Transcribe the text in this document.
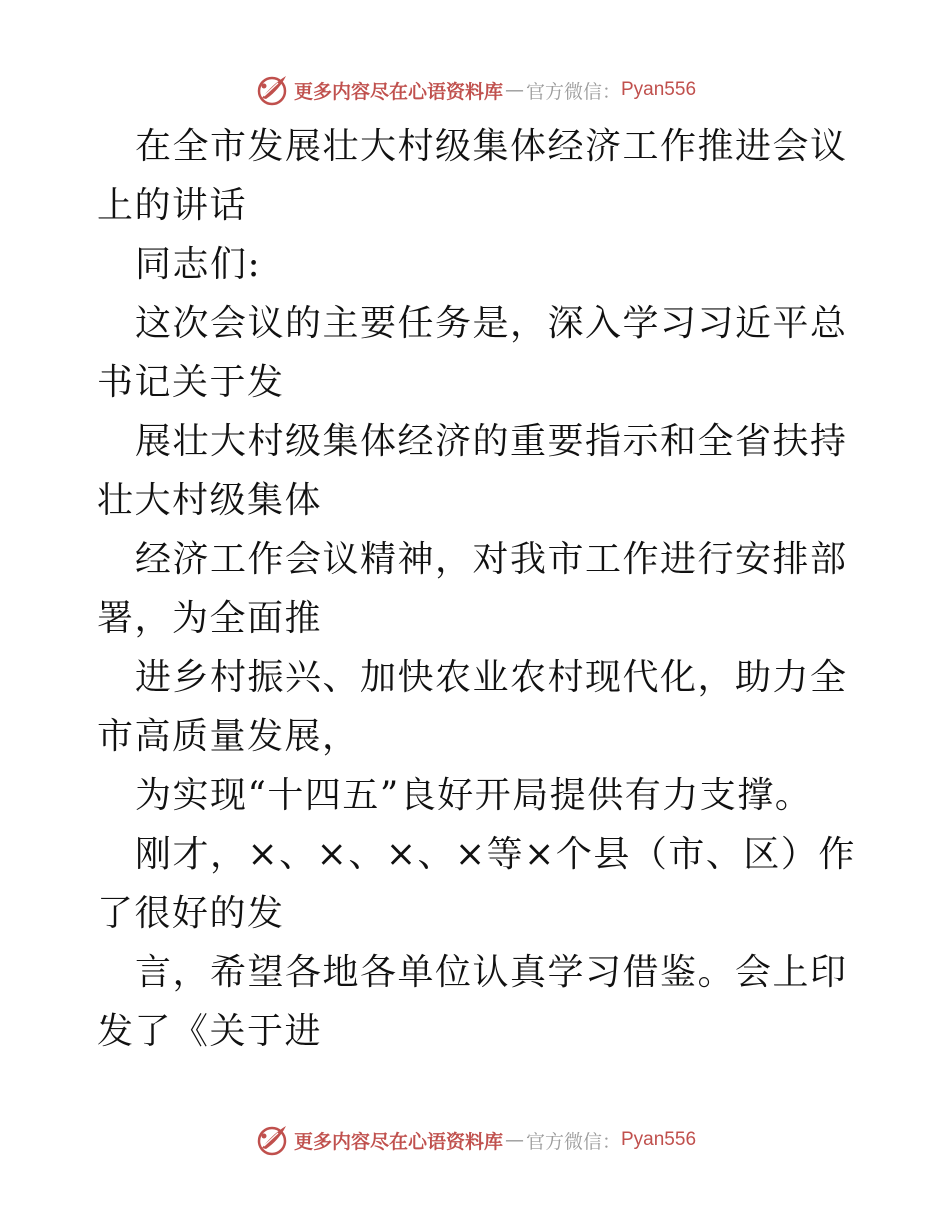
更多内容尽在心语资料库 — 官方微信： Pyan556

在全市发展壮大村级集体经济工作推进会议上的讲话

同志们:

这次会议的主要任务是，深入学习习近平总书记关于发

展壮大村级集体经济的重要指示和全省扶持壮大村级集体

经济工作会议精神，对我市工作进行安排部署，为全面推

进乡村振兴、加快农业农村现代化，助力全市高质量发展，

为实现“十四五”良好开局提供有力支撑。

刚才，×、×、×、×等×个县（市、区）作了很好的发

言，希望各地各单位认真学习借鉴。会上印发了《关于进

更多内容尽在心语资料库 — 官方微信： Pyan556
